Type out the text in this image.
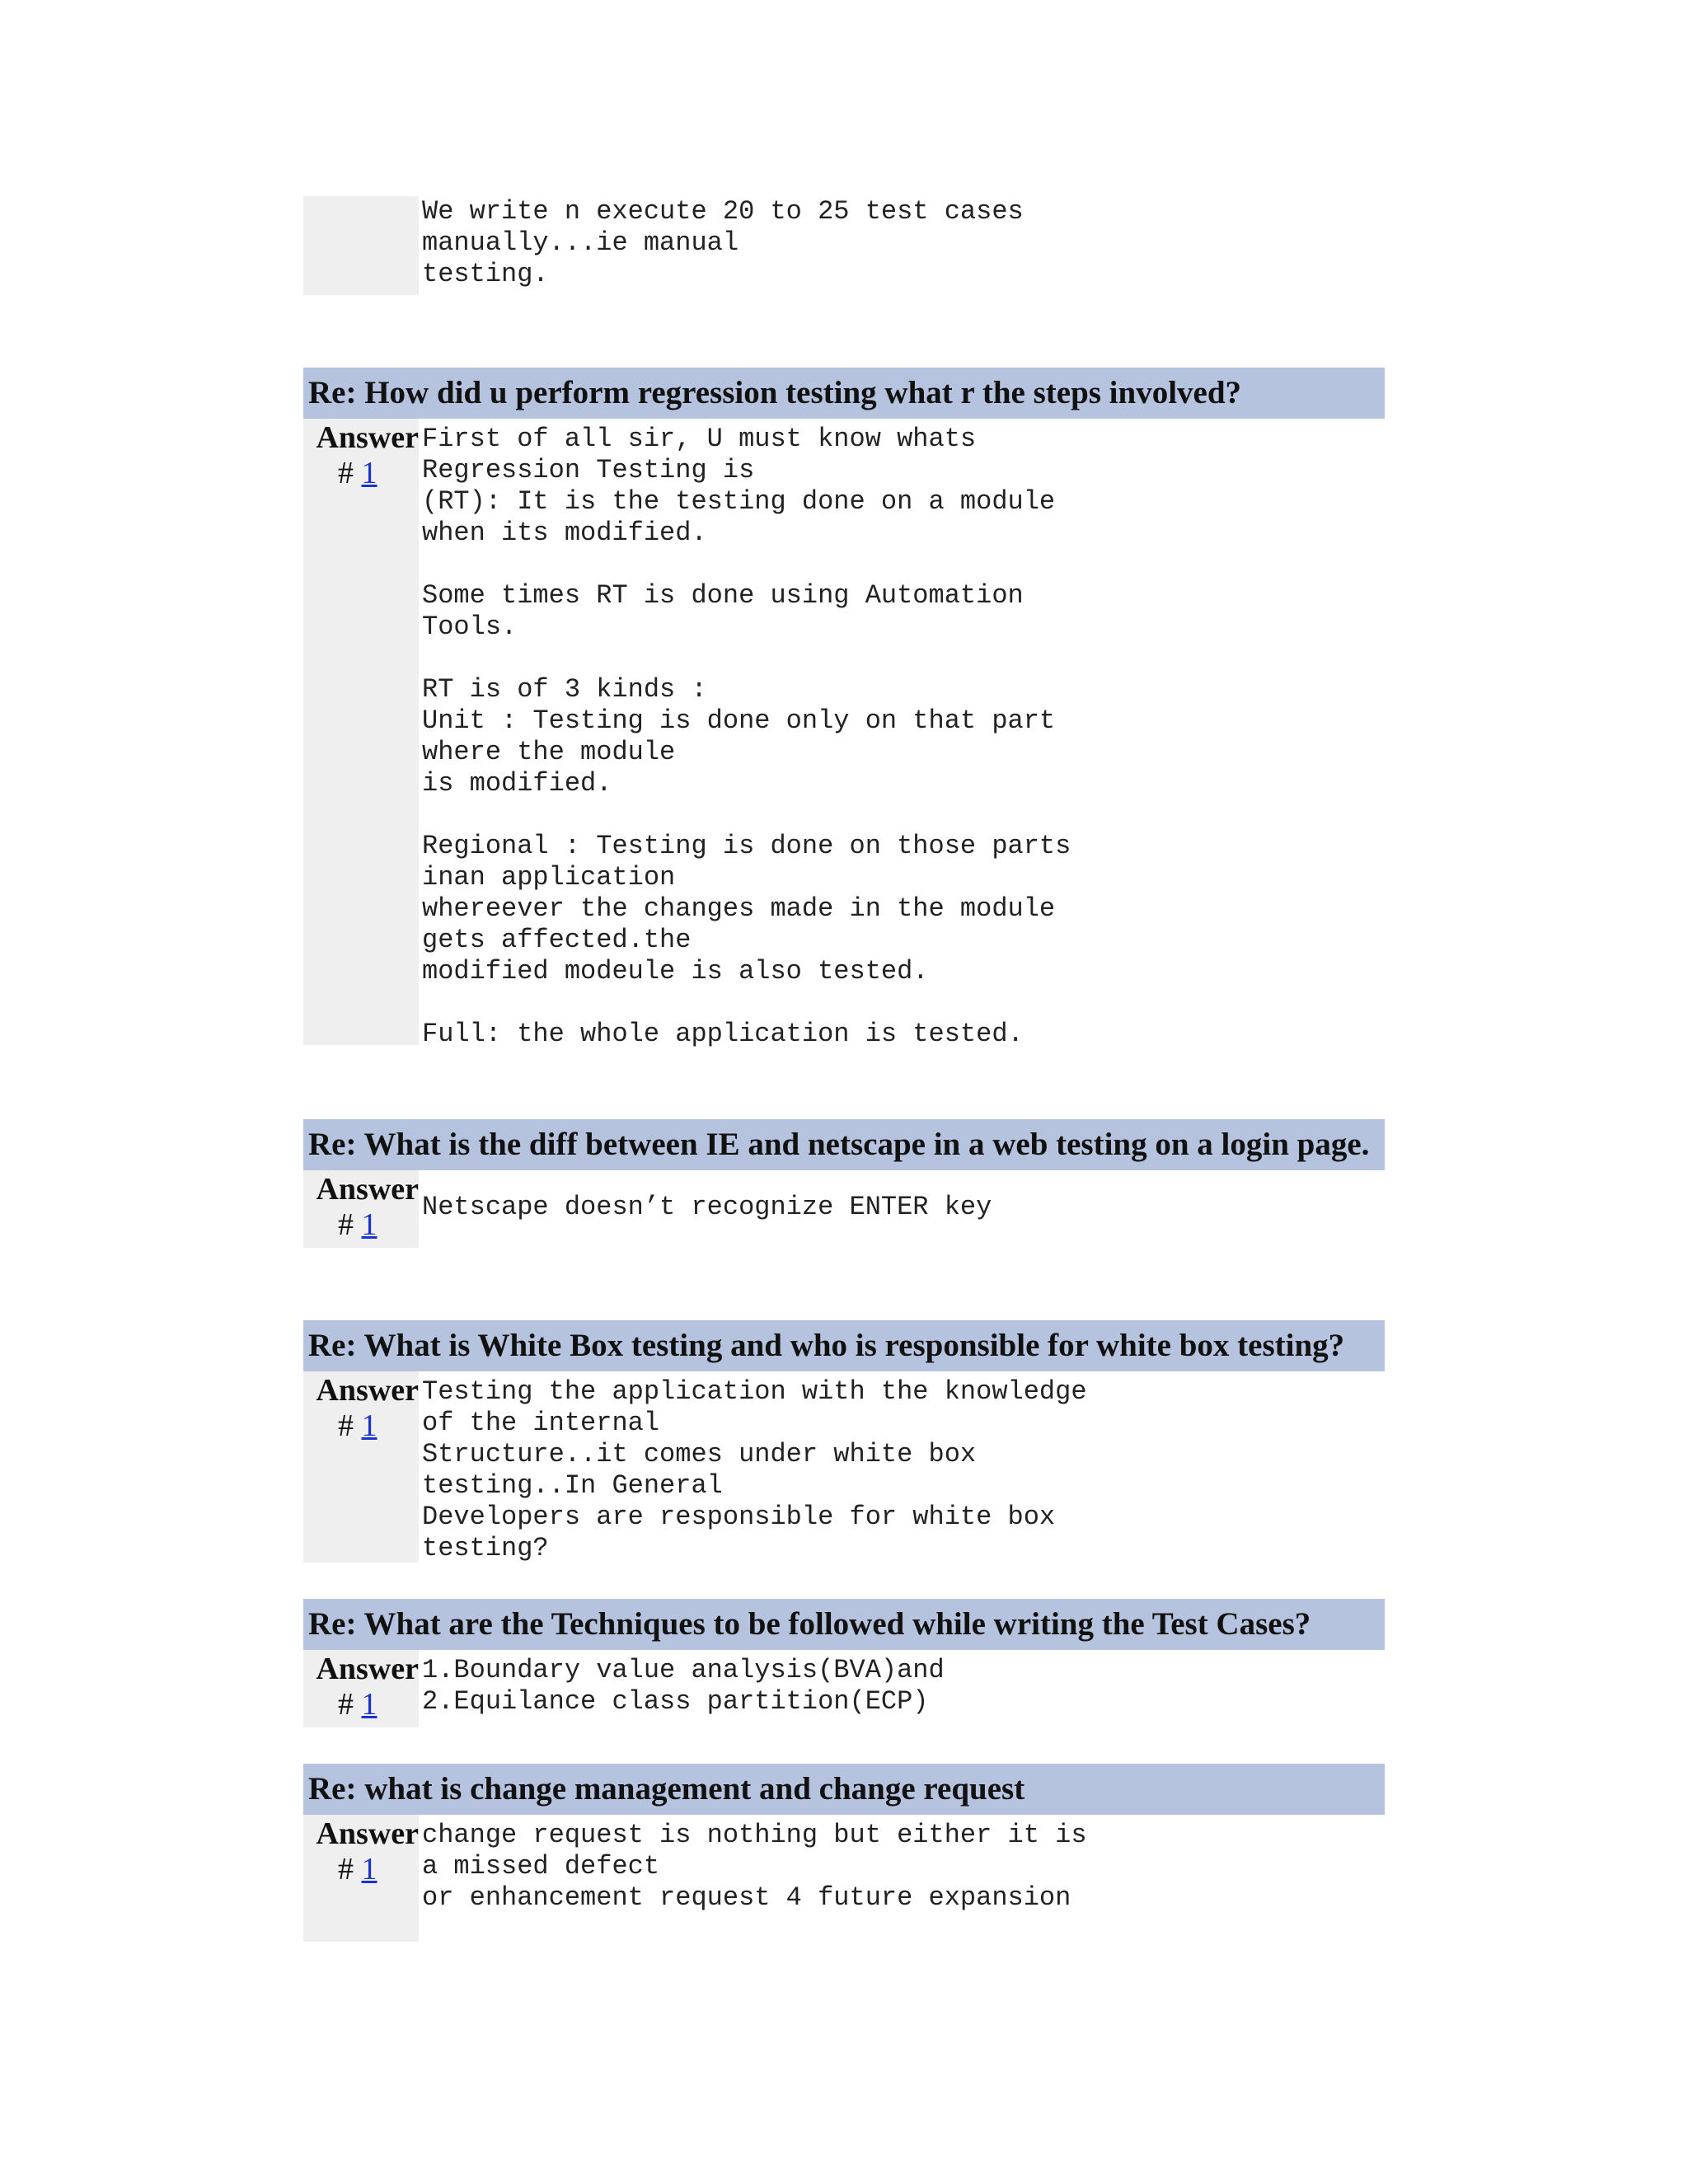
We write n execute 20 to 25 test cases
manually...ie manual
testing.
Re: How did u perform regression testing what r the steps involved?
Answer
# 1
First of all sir, U must know whats
Regression Testing is
(RT): It is the testing done on a module
when its modified.

Some times RT is done using Automation
Tools.

RT is of 3 kinds :
Unit : Testing is done only on that part
where the module
is modified.

Regional : Testing is done on those parts
inan application
whereever the changes made in the module
gets affected.the
modified modeule is also tested.

Full: the whole application is tested.
Re: What is the diff between IE and netscape in a web testing on a login page.
Answer
# 1
Netscape doesn’t recognize ENTER key
Re: What is White Box testing and who is responsible for white box testing?
Answer
# 1
Testing the application with the knowledge
of the internal
Structure..it comes under white box
testing..In General
Developers are responsible for white box
testing?
Re: What are the Techniques to be followed while writing the Test Cases?
Answer
# 1
1.Boundary value analysis(BVA)and
2.Equilance class partition(ECP)
Re: what is change management and change request
Answer
# 1
change request is nothing but either it is
a missed defect
or enhancement request 4 future expansion
